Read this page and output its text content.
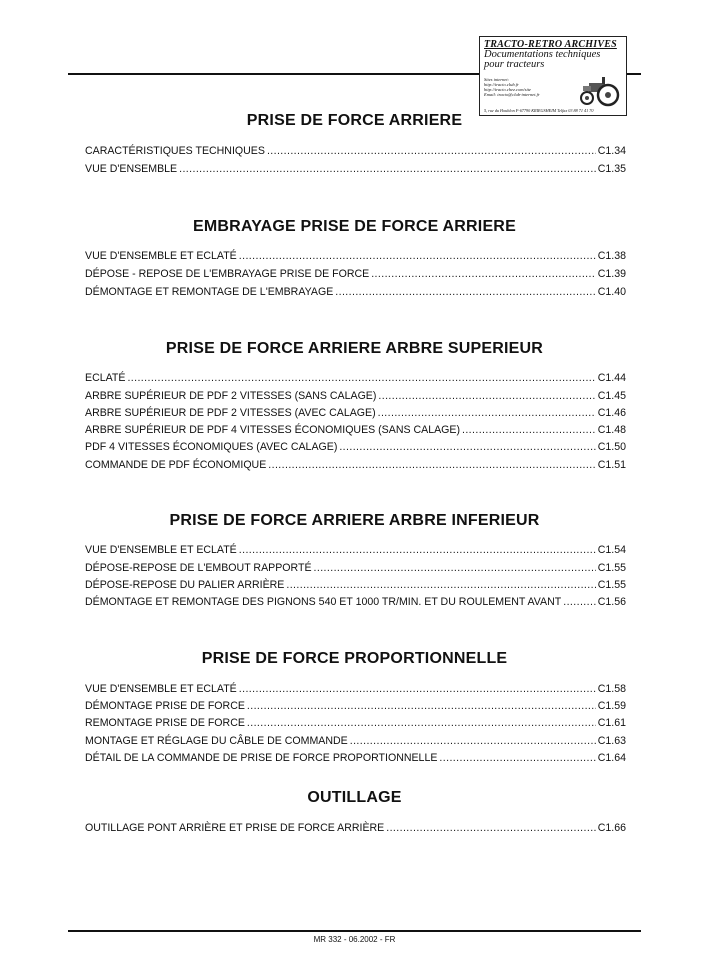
TRACTO-RETRO ARCHIVES
Documentations techniques
pour tracteurs
Sites internet:
http://tracto.club.fr
http://tracto.chez.com/site
Email: tracto@club-internet.fr
5, rue du Houblon F-67790 KRIEGSHEIM Telfax 03 88 71 41 70
PRISE DE FORCE ARRIERE
CARACTÉRISTIQUES TECHNIQUES .....	C1.34
VUE D'ENSEMBLE .....	C1.35
EMBRAYAGE PRISE DE FORCE ARRIERE
VUE D'ENSEMBLE ET ECLATÉ .....	C1.38
DÉPOSE - REPOSE DE L'EMBRAYAGE PRISE DE FORCE .....	C1.39
DÉMONTAGE ET REMONTAGE DE L'EMBRAYAGE .....	C1.40
PRISE DE FORCE ARRIERE ARBRE SUPERIEUR
ECLATÉ .....	C1.44
ARBRE SUPÉRIEUR DE PDF 2 VITESSES (SANS CALAGE) .....	C1.45
ARBRE SUPÉRIEUR DE PDF 2 VITESSES (AVEC CALAGE) .....	C1.46
ARBRE SUPÉRIEUR DE PDF 4 VITESSES ÉCONOMIQUES (SANS CALAGE) .....	C1.48
PDF 4 VITESSES ÉCONOMIQUES (AVEC CALAGE) .....	C1.50
COMMANDE DE PDF ÉCONOMIQUE .....	C1.51
PRISE DE FORCE ARRIERE ARBRE INFERIEUR
VUE D'ENSEMBLE ET ECLATÉ .....	C1.54
DÉPOSE-REPOSE DE L'EMBOUT RAPPORTÉ .....	C1.55
DÉPOSE-REPOSE DU PALIER ARRIÈRE .....	C1.55
DÉMONTAGE ET REMONTAGE DES PIGNONS 540 ET 1000 TR/MIN. ET DU ROULEMENT AVANT .....	C1.56
PRISE DE FORCE PROPORTIONNELLE
VUE D'ENSEMBLE ET ECLATÉ .....	C1.58
DÉMONTAGE PRISE DE FORCE .....	C1.59
REMONTAGE PRISE DE FORCE .....	C1.61
MONTAGE ET RÉGLAGE DU CÂBLE DE COMMANDE .....	C1.63
DÉTAIL DE LA COMMANDE DE PRISE DE FORCE PROPORTIONNELLE .....	C1.64
OUTILLAGE
OUTILLAGE PONT ARRIÈRE ET PRISE DE FORCE ARRIÈRE .....	C1.66
MR 332 - 06.2002 - FR
